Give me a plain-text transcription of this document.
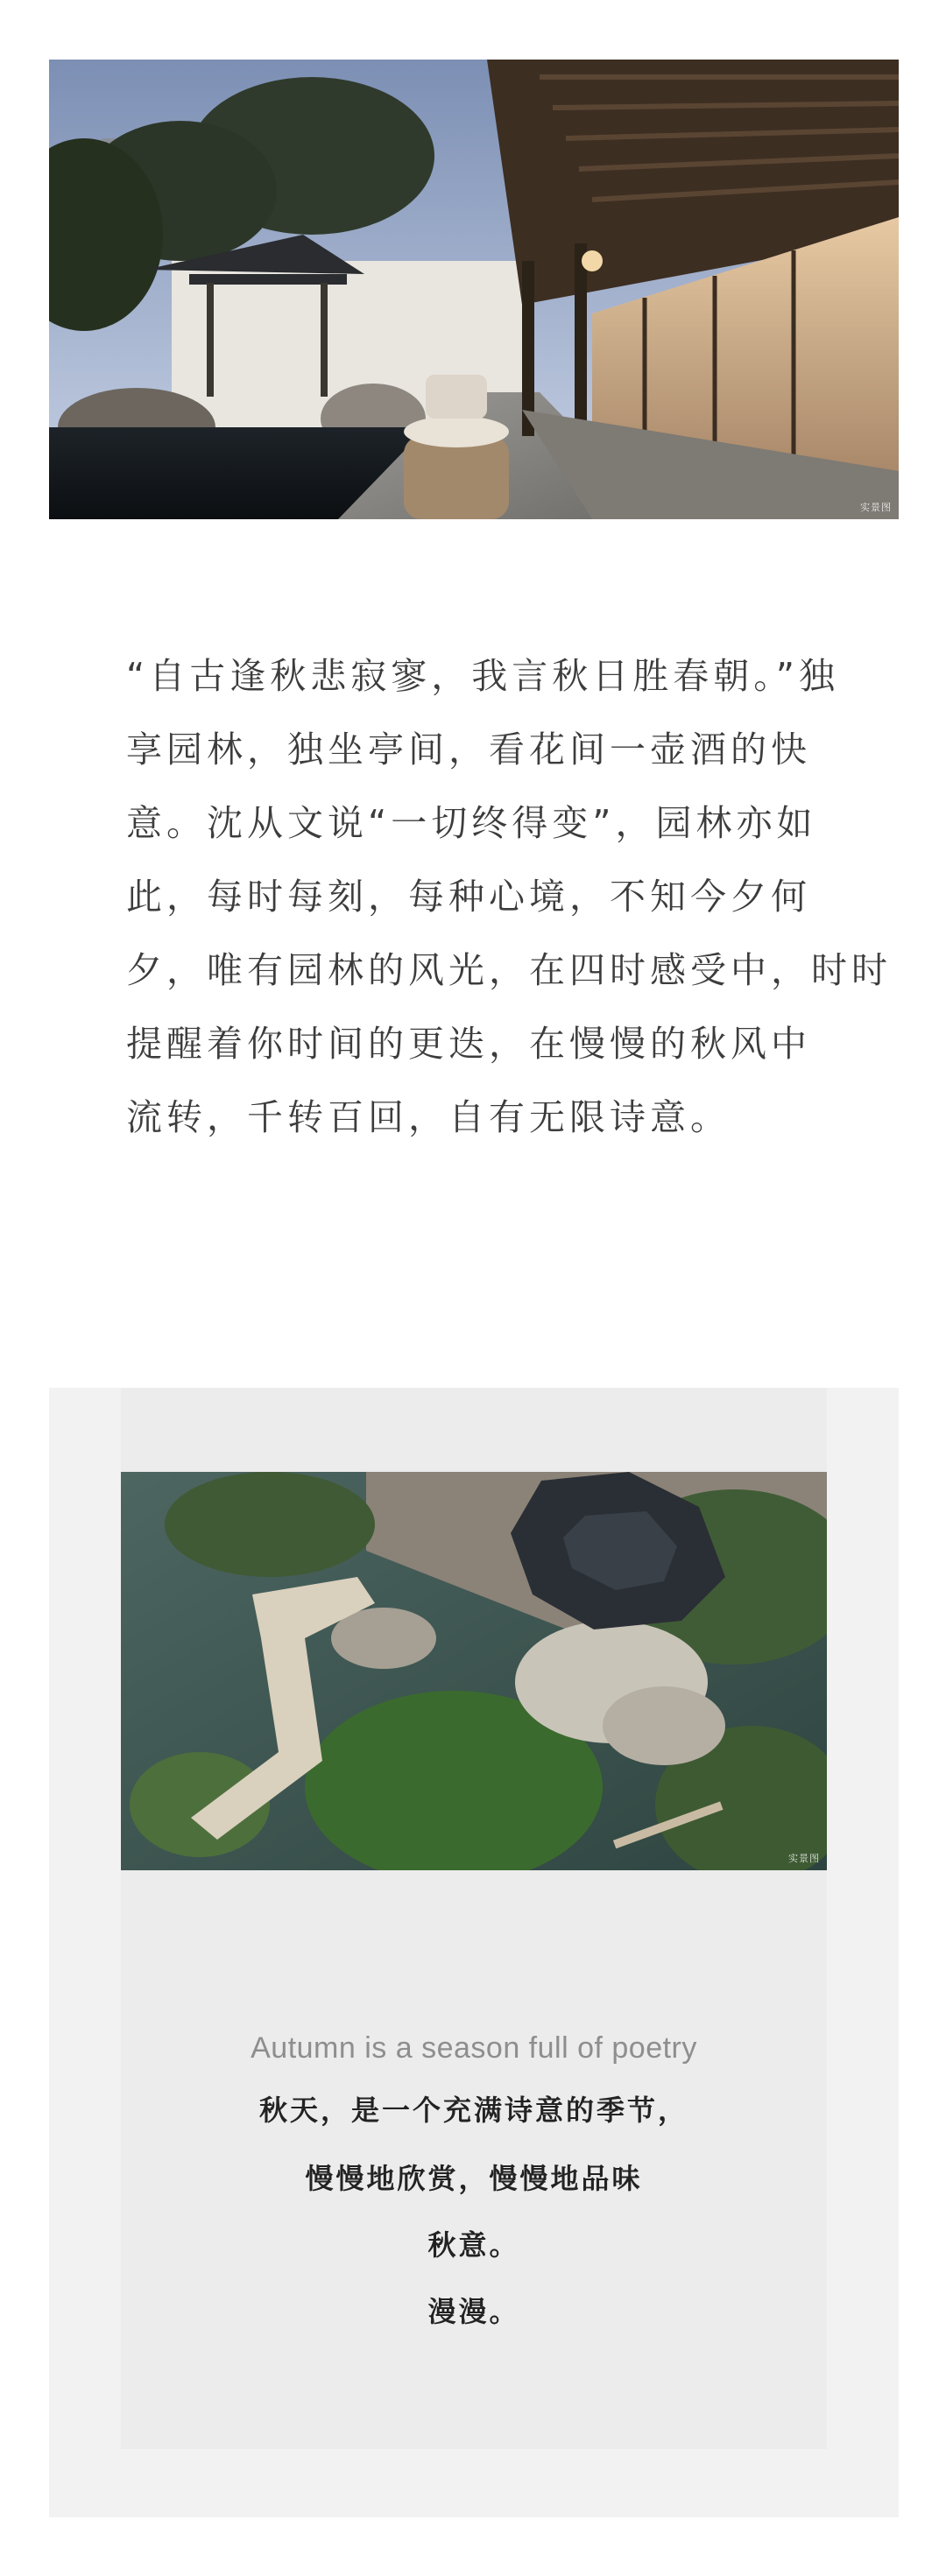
实景图
“自古逢秋悲寂寥，我言秋日胜春朝。”独
享园林，独坐亭间，看花间一壶酒的快
意。沈从文说“一切终得变”，园林亦如
此，每时每刻，每种心境，不知今夕何
夕，唯有园林的风光，在四时感受中，时时
提醒着你时间的更迭，在慢慢的秋风中
流转，千转百回，自有无限诗意。
实景图
Autumn is a season full of poetry
秋天，是一个充满诗意的季节，
慢慢地欣赏，慢慢地品味
秋意。
漫漫。
